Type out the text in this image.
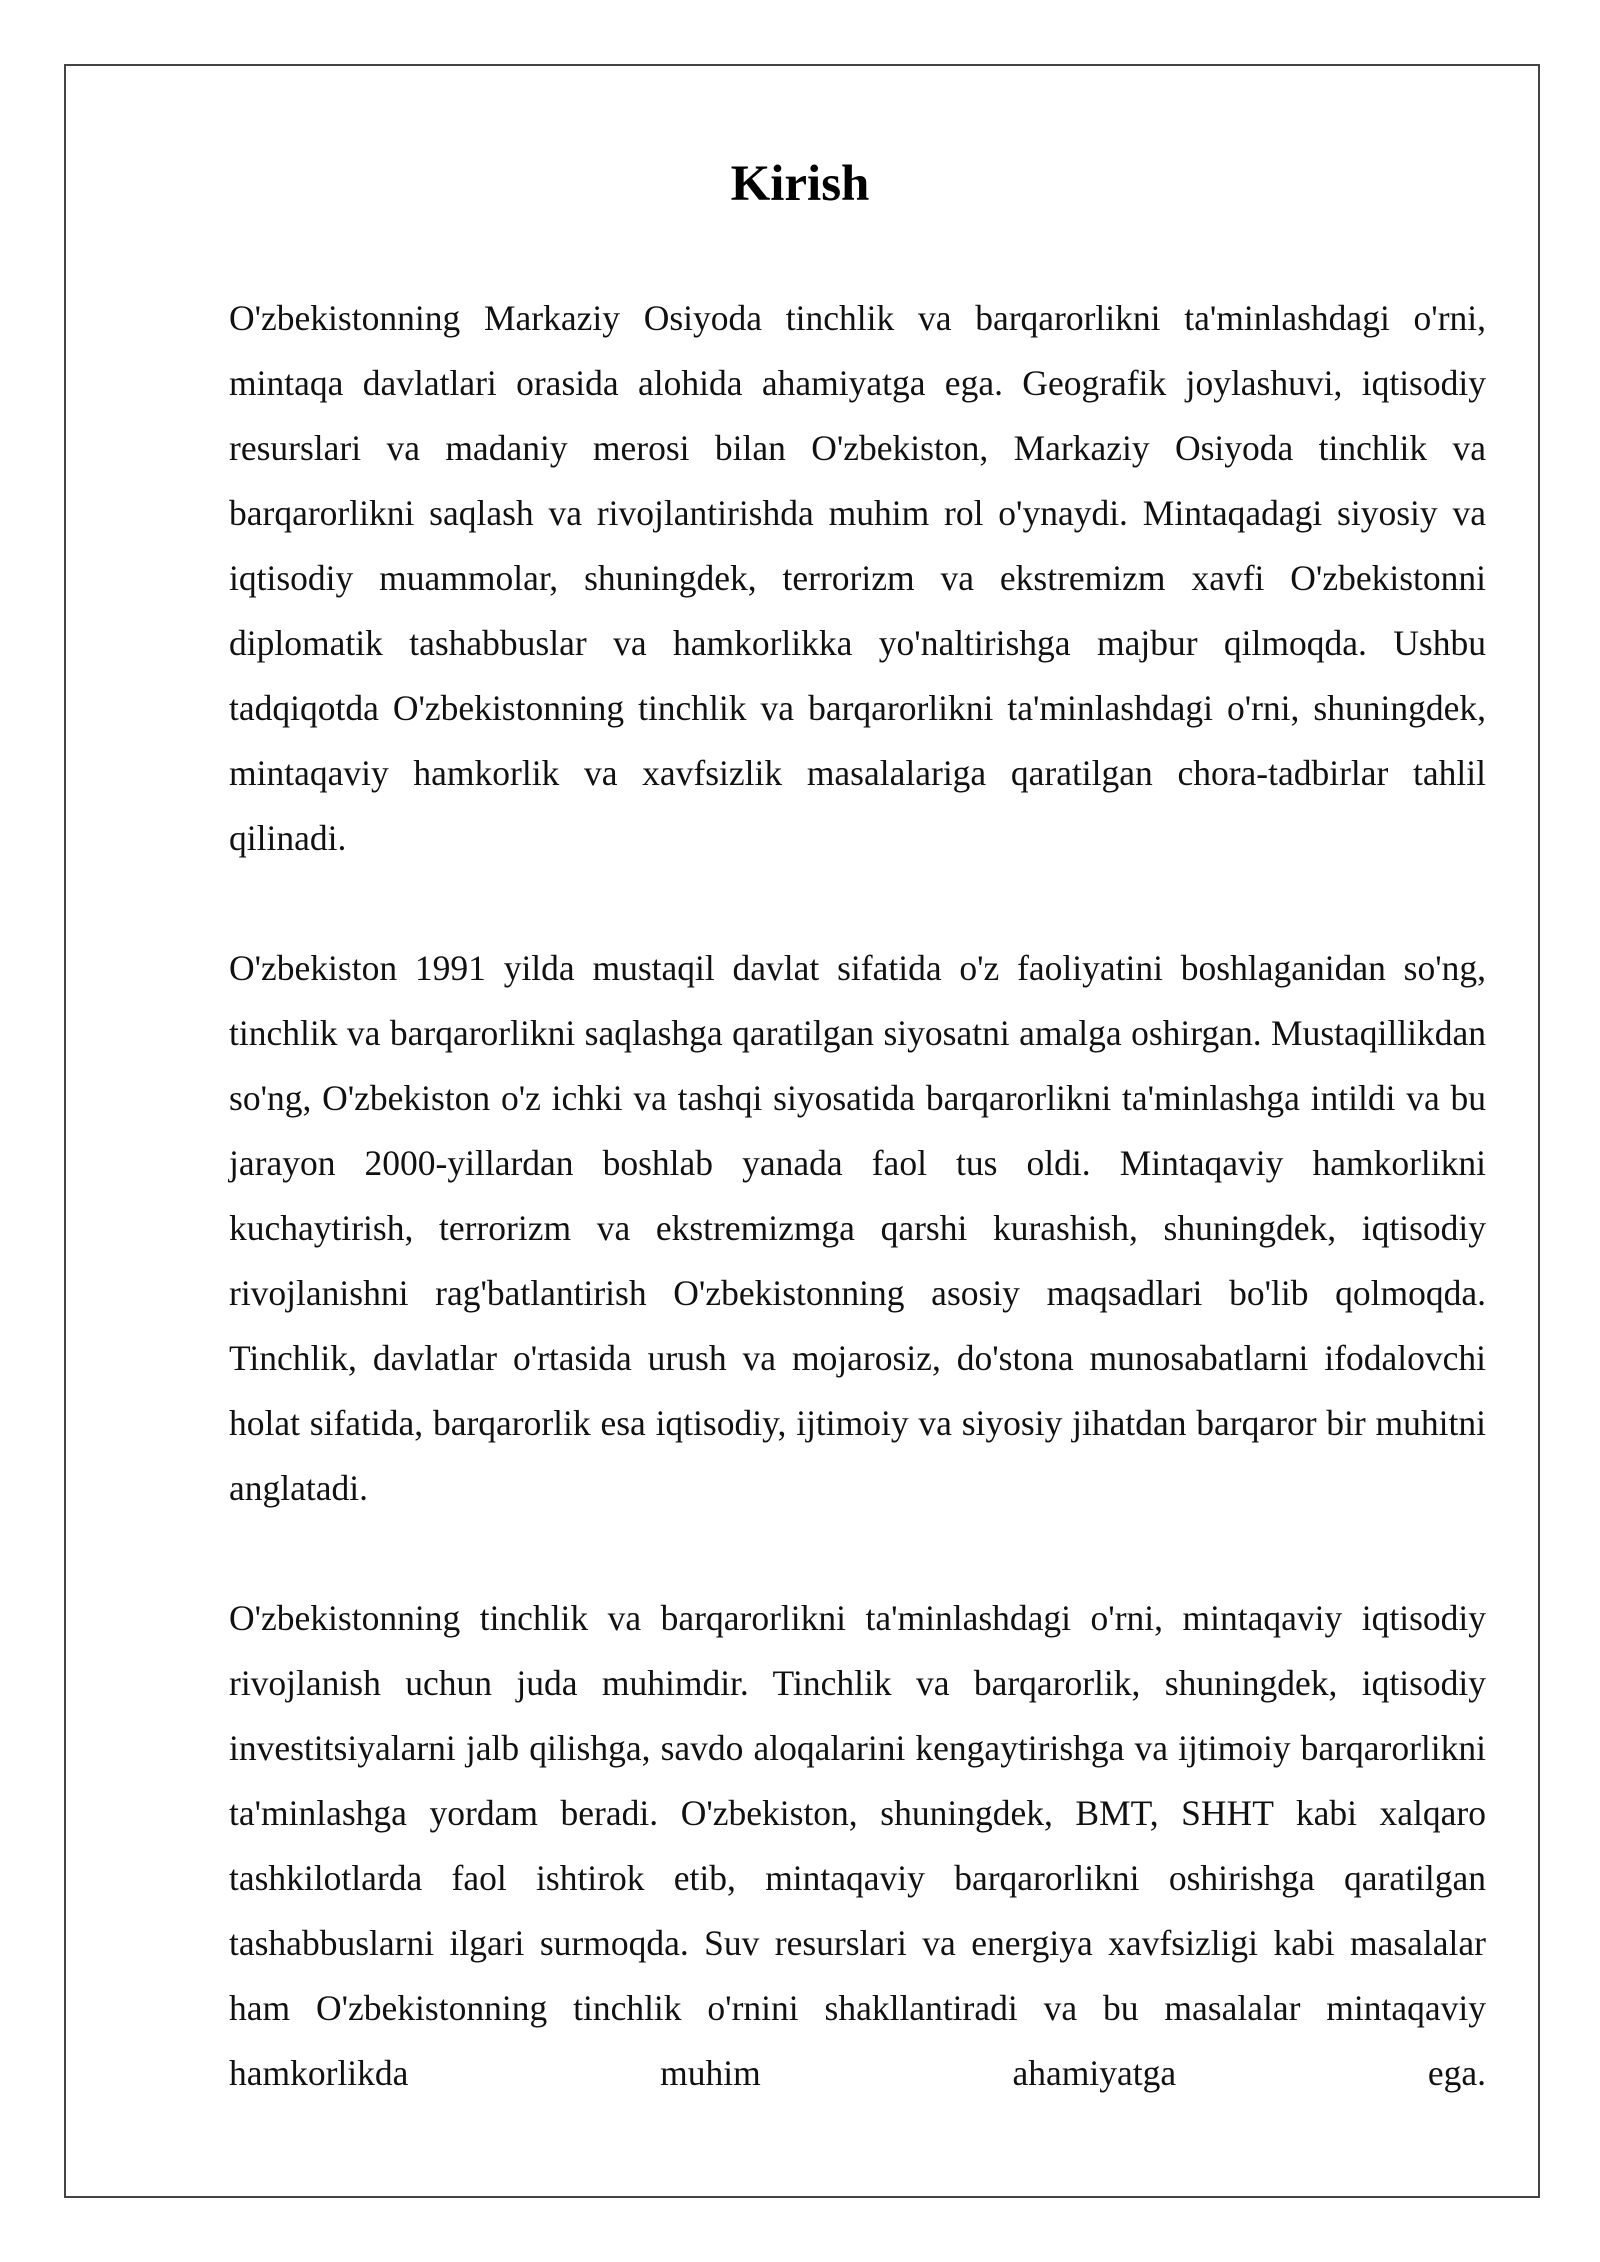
Kirish

O'zbekistonning Markaziy Osiyoda tinchlik va barqarorlikni ta'minlashdagi o'rni, mintaqa davlatlari orasida alohida ahamiyatga ega. Geografik joylashuvi, iqtisodiy resurslari va madaniy merosi bilan O'zbekiston, Markaziy Osiyoda tinchlik va barqarorlikni saqlash va rivojlantirishda muhim rol o'ynaydi. Mintaqadagi siyosiy va iqtisodiy muammolar, shuningdek, terrorizm va ekstremizm xavfi O'zbekistonni diplomatik tashabbuslar va hamkorlikka yo'naltirishga majbur qilmoqda. Ushbu tadqiqotda O'zbekistonning tinchlik va barqarorlikni ta'minlashdagi o'rni, shuningdek, mintaqaviy hamkorlik va xavfsizlik masalalariga qaratilgan chora-tadbirlar tahlil qilinadi.

O'zbekiston 1991 yilda mustaqil davlat sifatida o'z faoliyatini boshlaganidan so'ng, tinchlik va barqarorlikni saqlashga qaratilgan siyosatni amalga oshirgan. Mustaqillikdan so'ng, O'zbekiston o'z ichki va tashqi siyosatida barqarorlikni ta'minlashga intildi va bu jarayon 2000-yillardan boshlab yanada faol tus oldi. Mintaqaviy hamkorlikni kuchaytirish, terrorizm va ekstremizmga qarshi kurashish, shuningdek, iqtisodiy rivojlanishni rag'batlantirish O'zbekistonning asosiy maqsadlari bo'lib qolmoqda. Tinchlik, davlatlar o'rtasida urush va mojarosiz, do'stona munosabatlarni ifodalovchi holat sifatida, barqarorlik esa iqtisodiy, ijtimoiy va siyosiy jihatdan barqaror bir muhitni anglatadi.

O'zbekistonning tinchlik va barqarorlikni ta'minlashdagi o'rni, mintaqaviy iqtisodiy rivojlanish uchun juda muhimdir. Tinchlik va barqarorlik, shuningdek, iqtisodiy investitsiyalarni jalb qilishga, savdo aloqalarini kengaytirishga va ijtimoiy barqarorlikni ta'minlashga yordam beradi. O'zbekiston, shuningdek, BMT, SHHT kabi xalqaro tashkilotlarda faol ishtirok etib, mintaqaviy barqarorlikni oshirishga qaratilgan tashabbuslarni ilgari surmoqda. Suv resurslari va energiya xavfsizligi kabi masalalar ham O'zbekistonning tinchlik o'rnini shakllantiradi va bu masalalar mintaqaviy hamkorlikda muhim ahamiyatga ega.
